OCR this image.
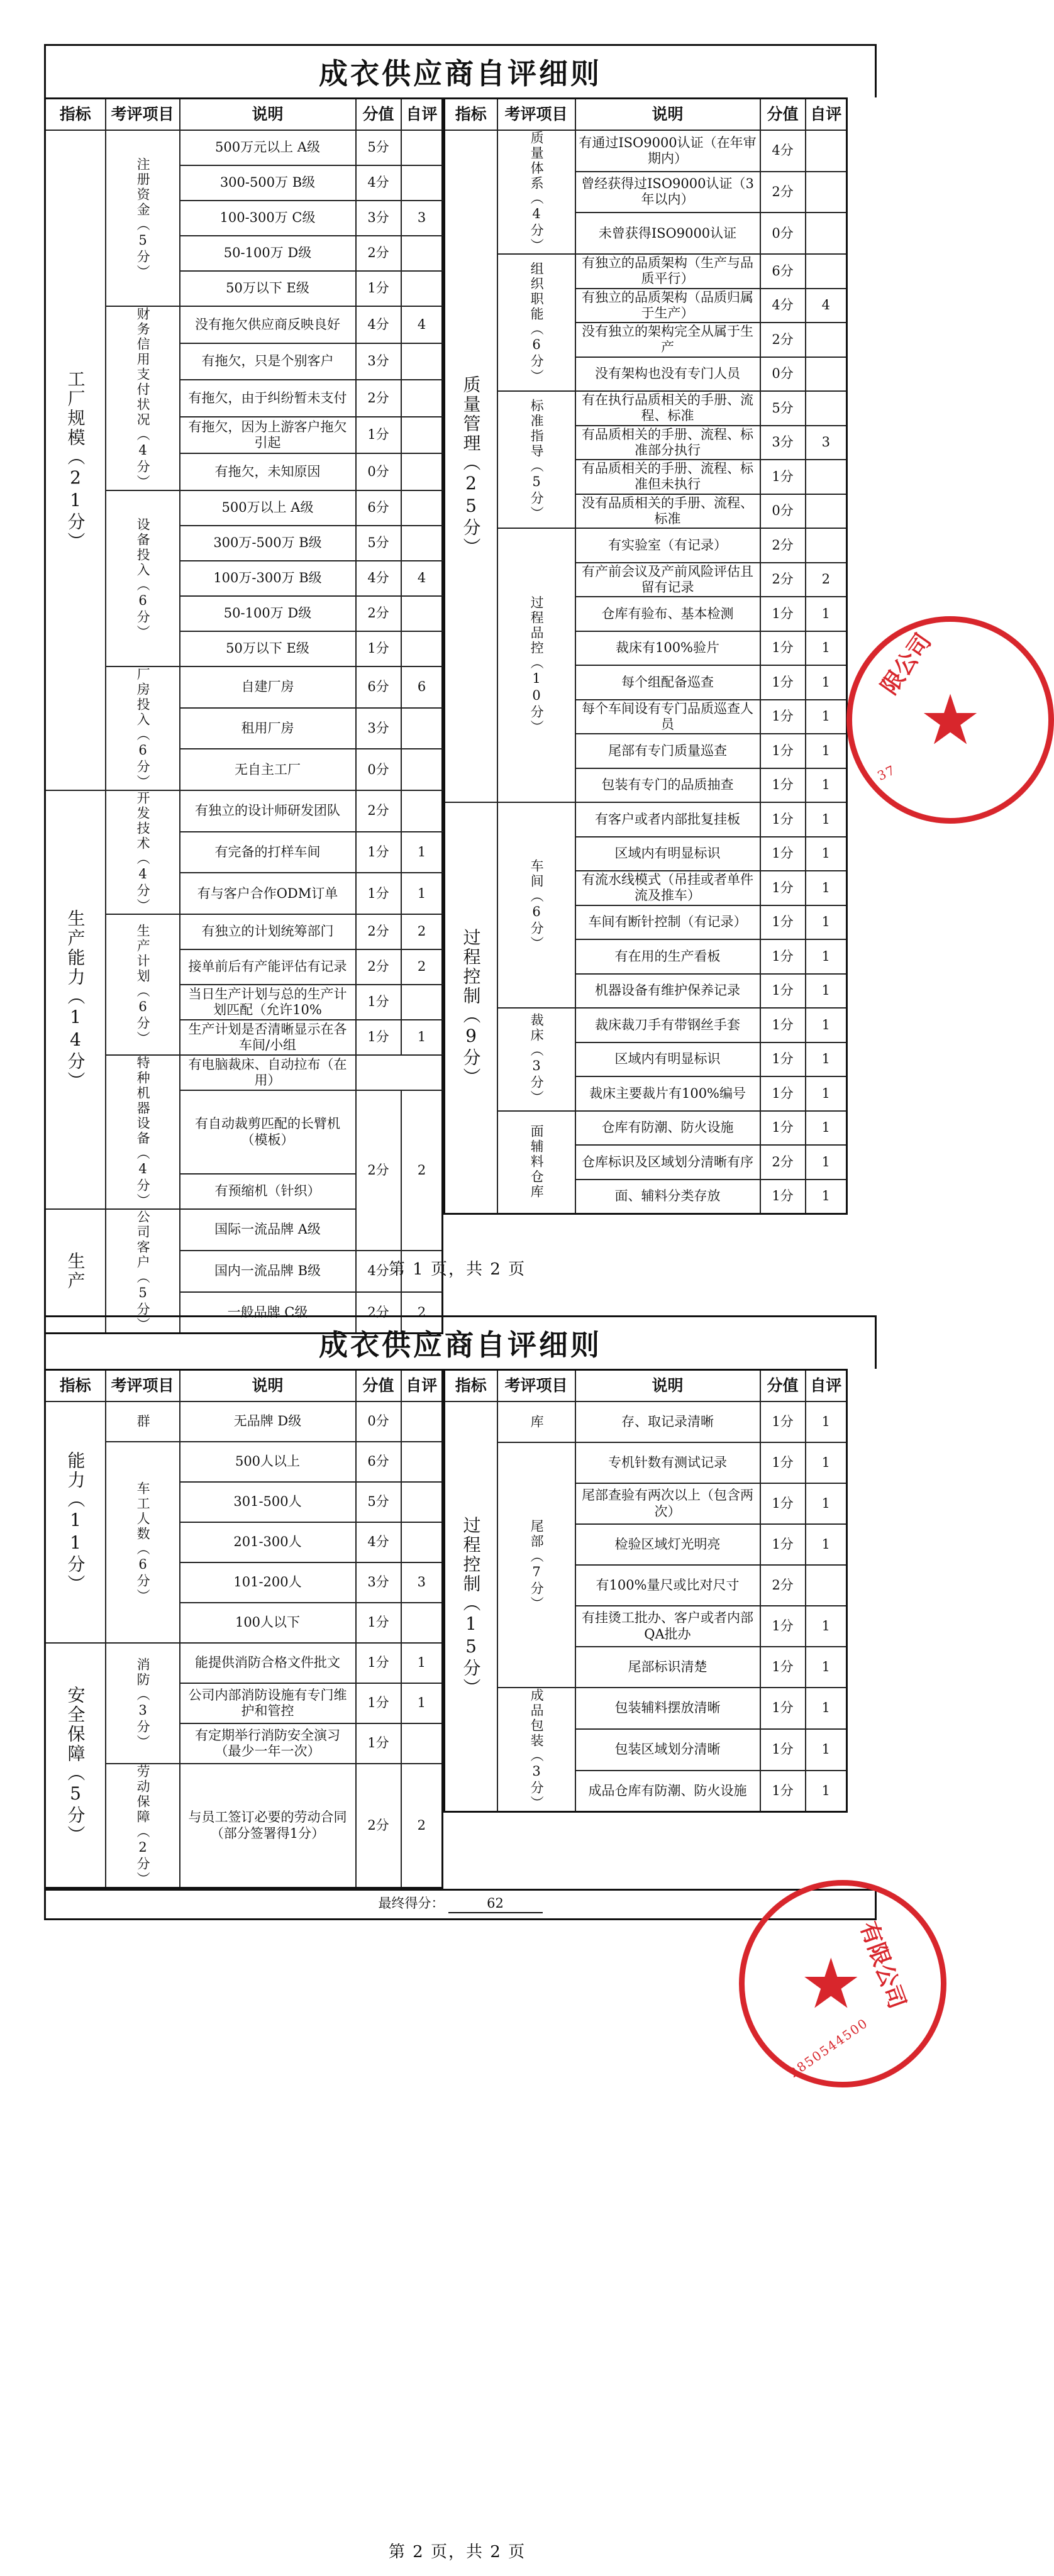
成衣供应商自评细则
指标	考评项目	说明	分值	自评	
工厂规模（21分）	注册资金（5分）	500万元以上 A级	5分		
		300-500万 B级	4分		
		100-300万 C级	3分	3	
		50-100万 D级	2分		
		50万以下 E级	1分		
	财务信用支付状况（4分）	没有拖欠供应商反映良好	4分	4	
		有拖欠，只是个别客户	3分		
		有拖欠，由于纠纷暂未支付	2分		
		有拖欠，因为上游客户拖欠引起	1分		
		有拖欠，未知原因	0分		
	设备投入（6分）	500万以上 A级	6分		
		300万-500万 B级	5分		
		100万-300万 B级	4分	4	
		50-100万 D级	2分		
		50万以下 E级	1分		
	厂房投入（6分）	自建厂房	6分	6	
		租用厂房	3分		
		无自主工厂	0分		
生产能力（14分）	开发技术（4分）	有独立的设计师研发团队	2分		
		有完备的打样车间	1分	1	
		有与客户合作ODM订单	1分	1	
	生产计划（6分）	有独立的计划统筹部门	2分	2	
		接单前后有产能评估有记录	2分	2	
		当日生产计划与总的生产计划匹配（允许10%	1分		
		生产计划是否清晰显示在各车间/小组	1分	1	
	特种机器设备（4分）	有电脑裁床、自动拉布（在用）			
		有自动裁剪匹配的长臂机（模板）	2分	2	
		有预缩机（针织）			
生产	公司客户（5分）	国际一流品牌 A级		
		国内一流品牌 B级	4分		
		一般品牌 C级	2分	2	
指标	考评项目	说明	分值	自评
质量管理（25分）	质量体系（4分）	有通过ISO9000认证（在年审期内）	4分	
		曾经获得过ISO9000认证（3年以内）	2分	
		未曾获得ISO9000认证	0分	
	组织职能（6分）	有独立的品质架构（生产与品质平行）	6分	
		有独立的品质架构（品质归属于生产）	4分	4
		没有独立的架构完全从属于生产	2分	
		没有架构也没有专门人员	0分	
	标准指导（5分）	有在执行品质相关的手册、流程、标准	5分	
		有品质相关的手册、流程、标准部分执行	3分	3
		有品质相关的手册、流程、标准但未执行	1分	
		没有品质相关的手册、流程、标准	0分	
	过程品控（10分）	有实验室（有记录）	2分	
		有产前会议及产前风险评估且留有记录	2分	2
		仓库有验布、基本检测	1分	1
		裁床有100%验片	1分	1
		每个组配备巡查	1分	1
		每个车间设有专门品质巡查人员	1分	1
		尾部有专门质量巡查	1分	1
		包装有专门的品质抽查	1分	1
过程控制（9分）	车间（6分）	有客户或者内部批复挂板	1分	1
		区域内有明显标识	1分	1
		有流水线模式（吊挂或者单件流及推车）	1分	1
		车间有断针控制（有记录）	1分	1
		有在用的生产看板	1分	1
		机器设备有维护保养记录	1分	1
	裁床（3分）	裁床裁刀手有带钢丝手套	1分	1
		区域内有明显标识	1分	1
		裁床主要裁片有100%编号	1分	1
	面辅料仓库	仓库有防潮、防火设施	1分	1
		仓库标识及区域划分清晰有序	2分	1
		面、辅料分类存放	1分	1
第 1 页，共 2 页
限公司
★
37
成衣供应商自评细则
指标	考评项目	说明	分值	自评
能力（11分）	群	无品牌 D级	0分	
	车工人数（6分）	500人以上	6分	
		301-500人	5分	
		201-300人	4分	
		101-200人	3分	3
		100人以下	1分	
安全保障（5分）	消防（3分）	能提供消防合格文件批文	1分	1
		公司内部消防设施有专门维护和管控	1分	1
		有定期举行消防安全演习（最少一年一次）	1分	
	劳动保障（2分）	与员工签订必要的劳动合同（部分签署得1分）	2分	2
指标	考评项目	说明	分值	自评
过程控制（15分）	库	存、取记录清晰	1分	1
	尾部（7分）	专机针数有测试记录	1分	1
		尾部查验有两次以上（包含两次）	1分	1
		检验区域灯光明亮	1分	1
		有100%量尺或比对尺寸	2分	
		有挂烫工批办、客户或者内部QA批办	1分	1
		尾部标识清楚	1分	1
	成品包装（3分）	包装辅料摆放清晰	1分	1
		包装区域划分清晰	1分	1
		成品仓库有防潮、防火设施	1分	1
最终得分：	62
第 2 页，共 2 页
有限公司
★
2850544500
